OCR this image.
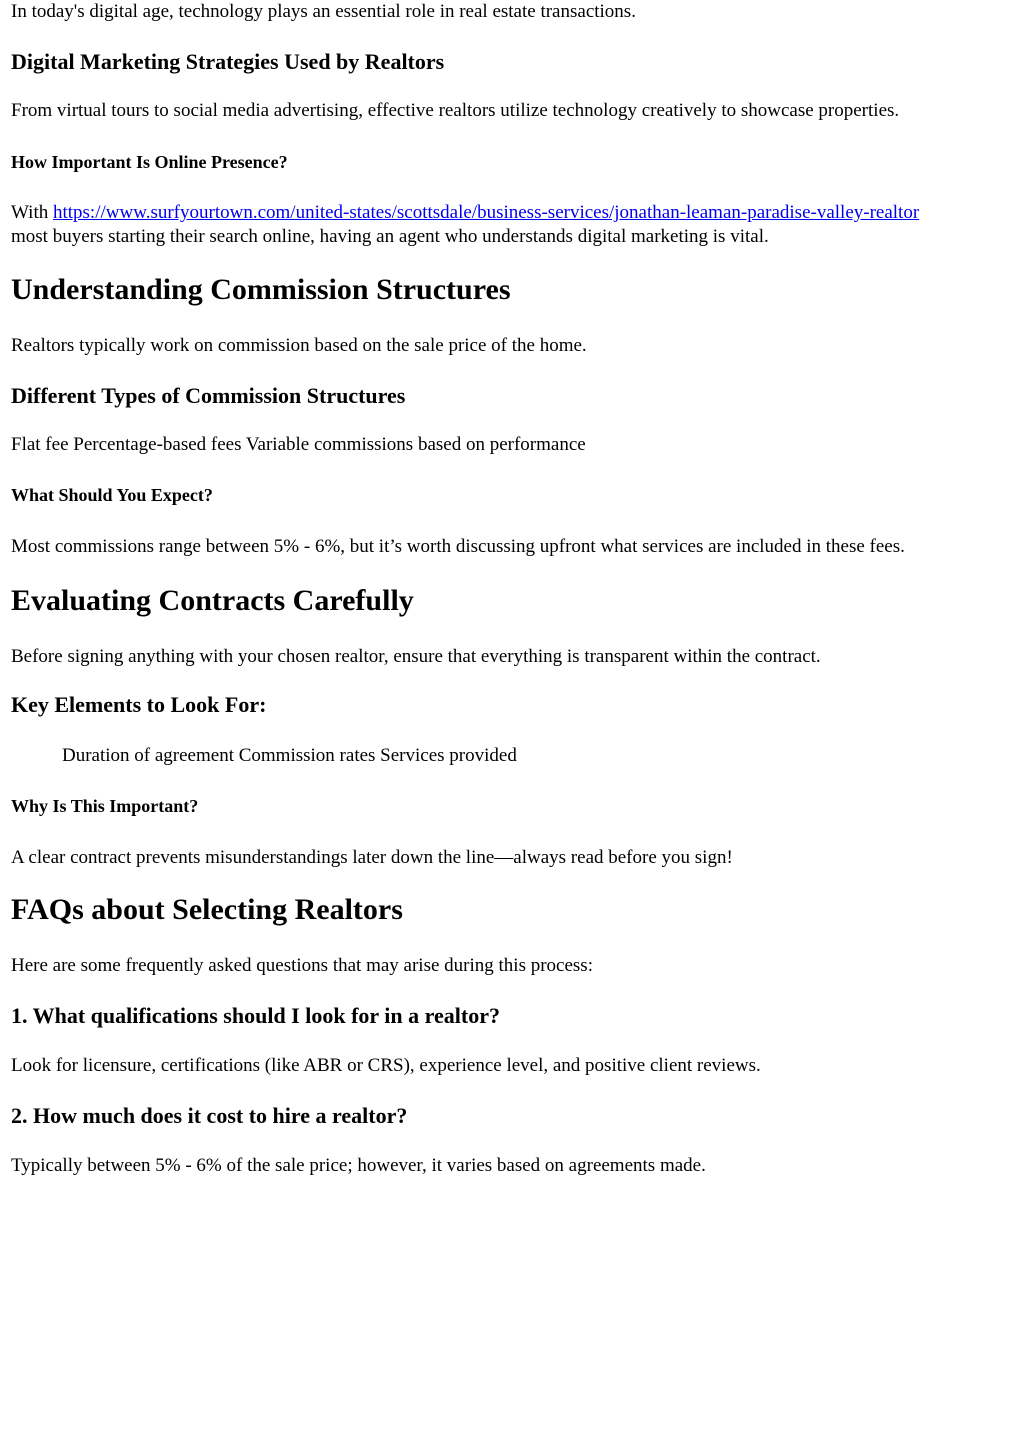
In today's digital age, technology plays an essential role in real estate transactions.

Digital Marketing Strategies Used by Realtors

From virtual tours to social media advertising, effective realtors utilize technology creatively to showcase properties.

How Important Is Online Presence?

With https://www.surfyourtown.com/united-states/scottsdale/business-services/jonathan-leaman-paradise-valley-realtor
most buyers starting their search online, having an agent who understands digital marketing is vital.

Understanding Commission Structures

Realtors typically work on commission based on the sale price of the home.

Different Types of Commission Structures

Flat fee Percentage-based fees Variable commissions based on performance

What Should You Expect?

Most commissions range between 5% - 6%, but it’s worth discussing upfront what services are included in these fees.

Evaluating Contracts Carefully

Before signing anything with your chosen realtor, ensure that everything is transparent within the contract.

Key Elements to Look For:

Duration of agreement Commission rates Services provided

Why Is This Important?

A clear contract prevents misunderstandings later down the line—always read before you sign!

FAQs about Selecting Realtors

Here are some frequently asked questions that may arise during this process:

1. What qualifications should I look for in a realtor?

Look for licensure, certifications (like ABR or CRS), experience level, and positive client reviews.

2. How much does it cost to hire a realtor?

Typically between 5% - 6% of the sale price; however, it varies based on agreements made.
